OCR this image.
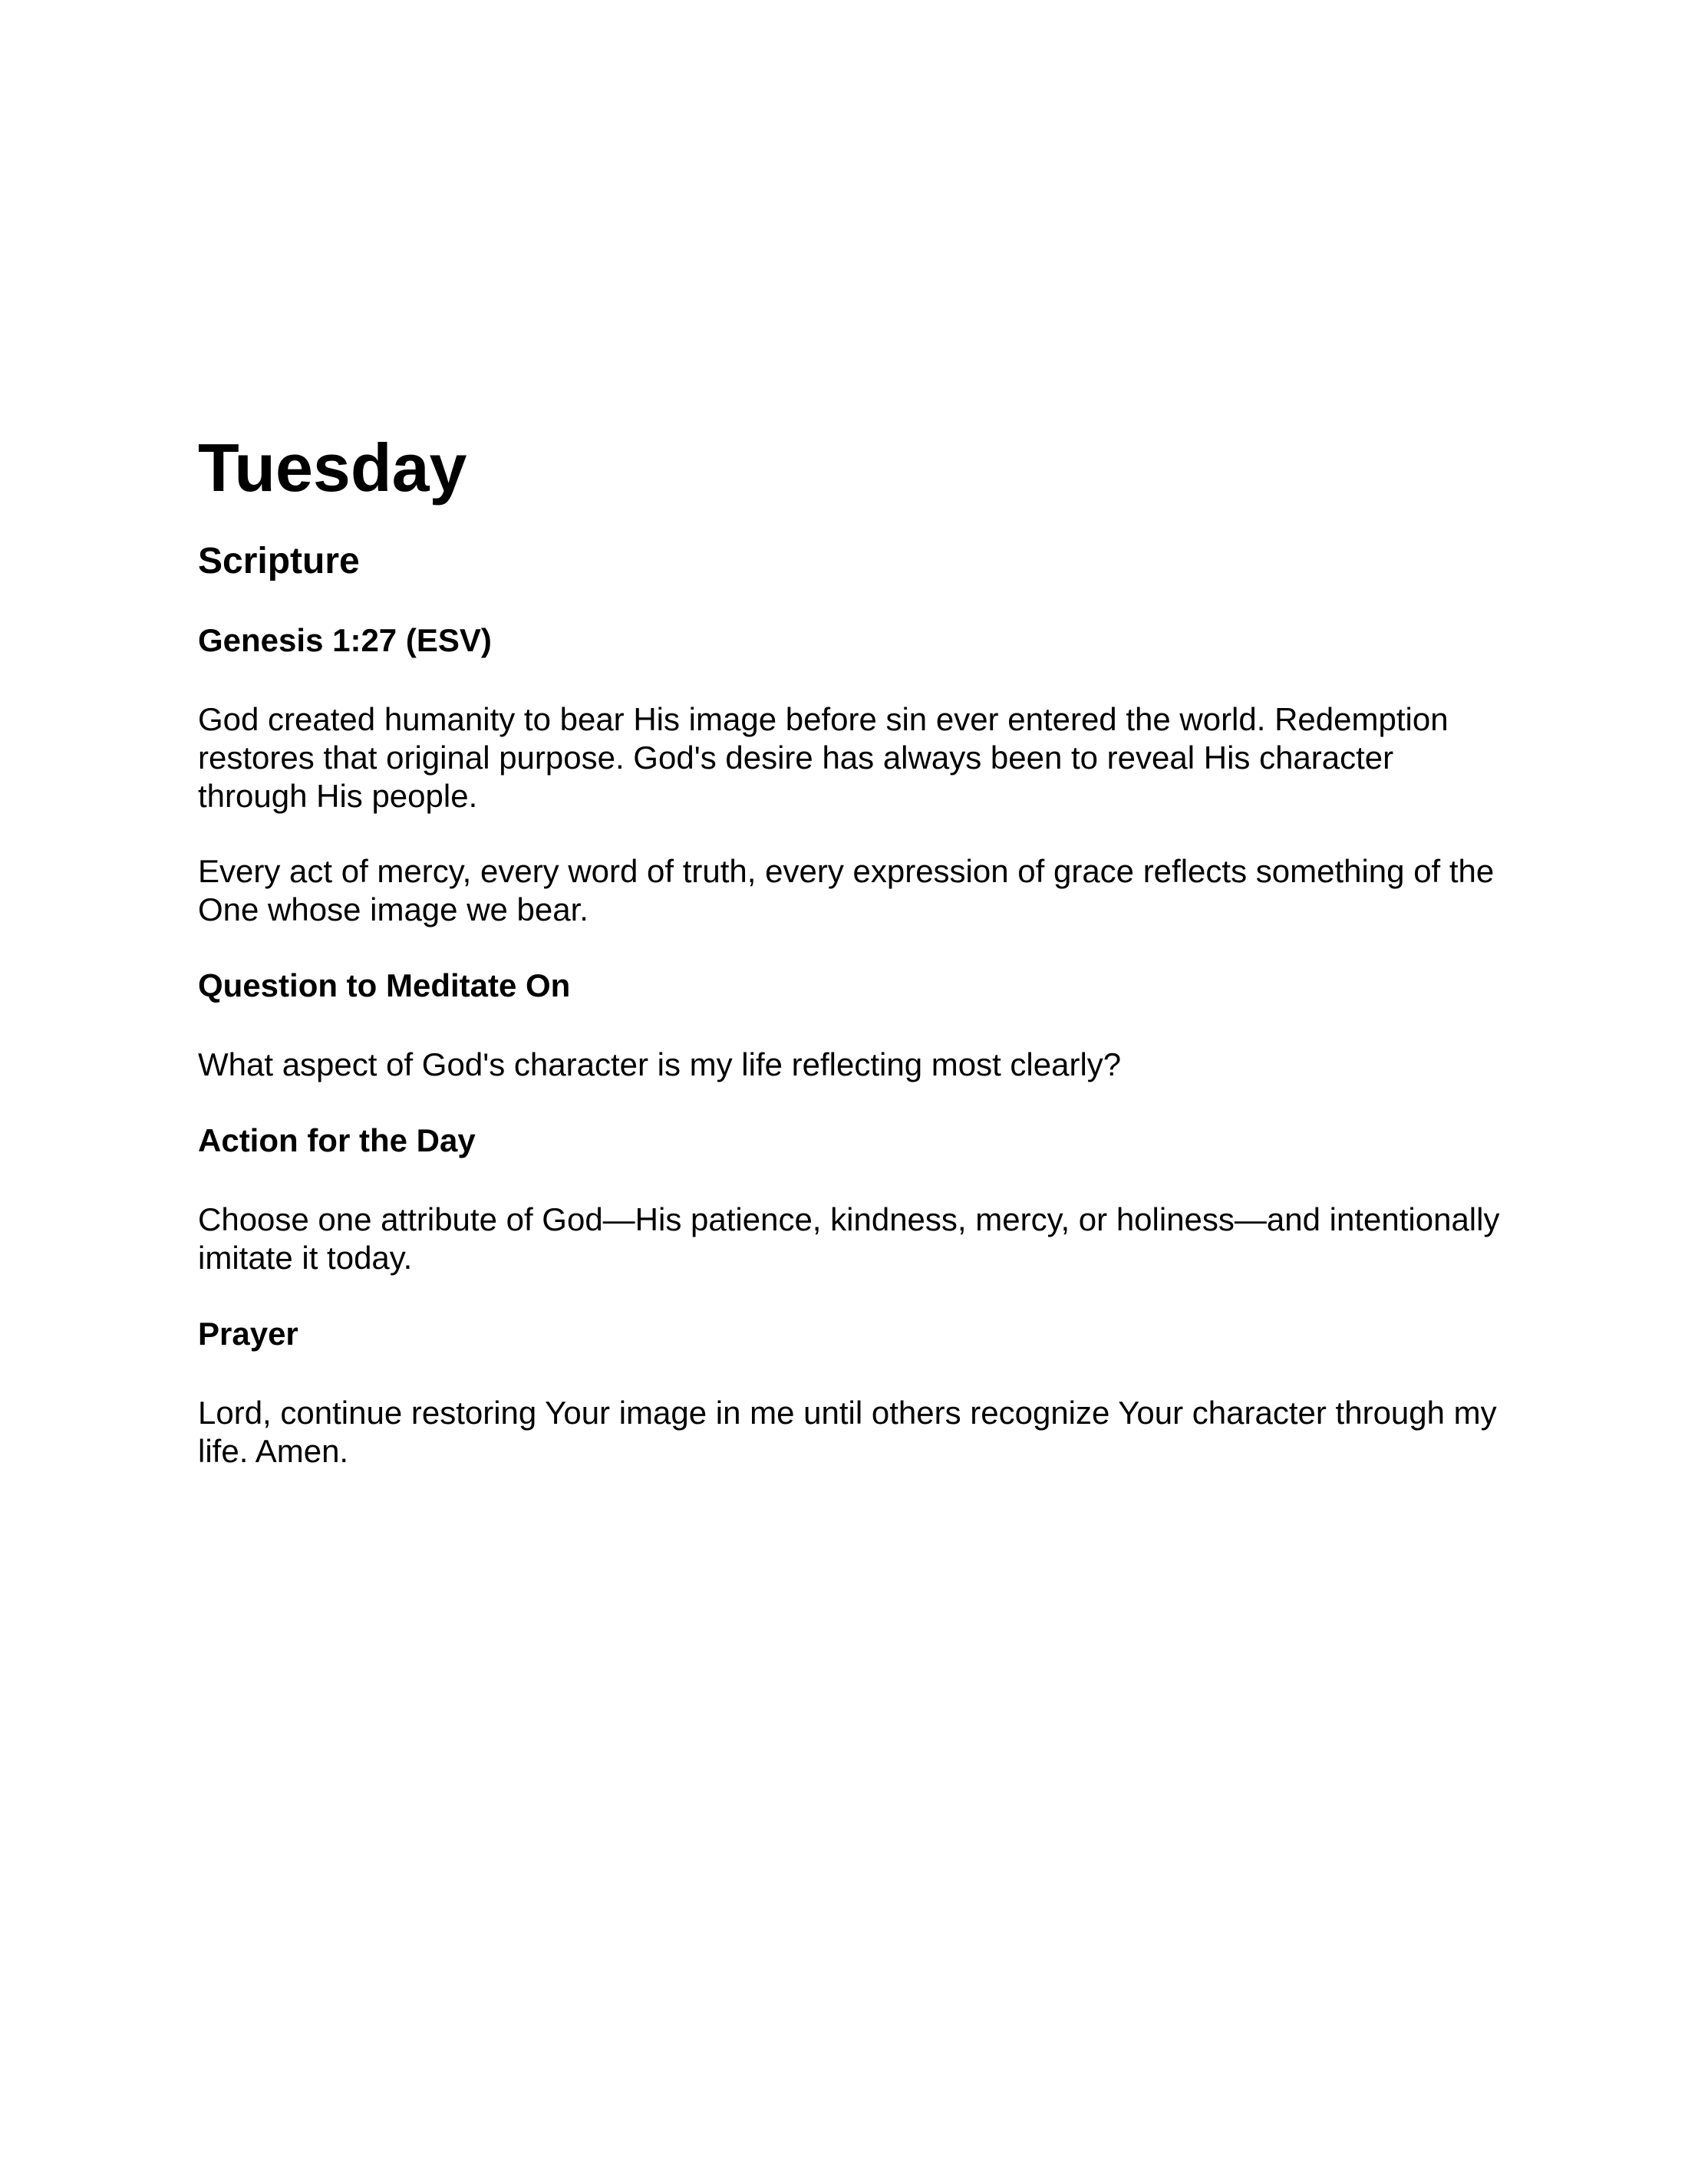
Tuesday
Scripture
Genesis 1:27 (ESV)

God created humanity to bear His image before sin ever entered the world. Redemption restores that original purpose. God's desire has always been to reveal His character through His people.

Every act of mercy, every word of truth, every expression of grace reflects something of the One whose image we bear.

Question to Meditate On

What aspect of God's character is my life reflecting most clearly?

Action for the Day

Choose one attribute of God—His patience, kindness, mercy, or holiness—and intentionally imitate it today.

Prayer

Lord, continue restoring Your image in me until others recognize Your character through my life. Amen.
